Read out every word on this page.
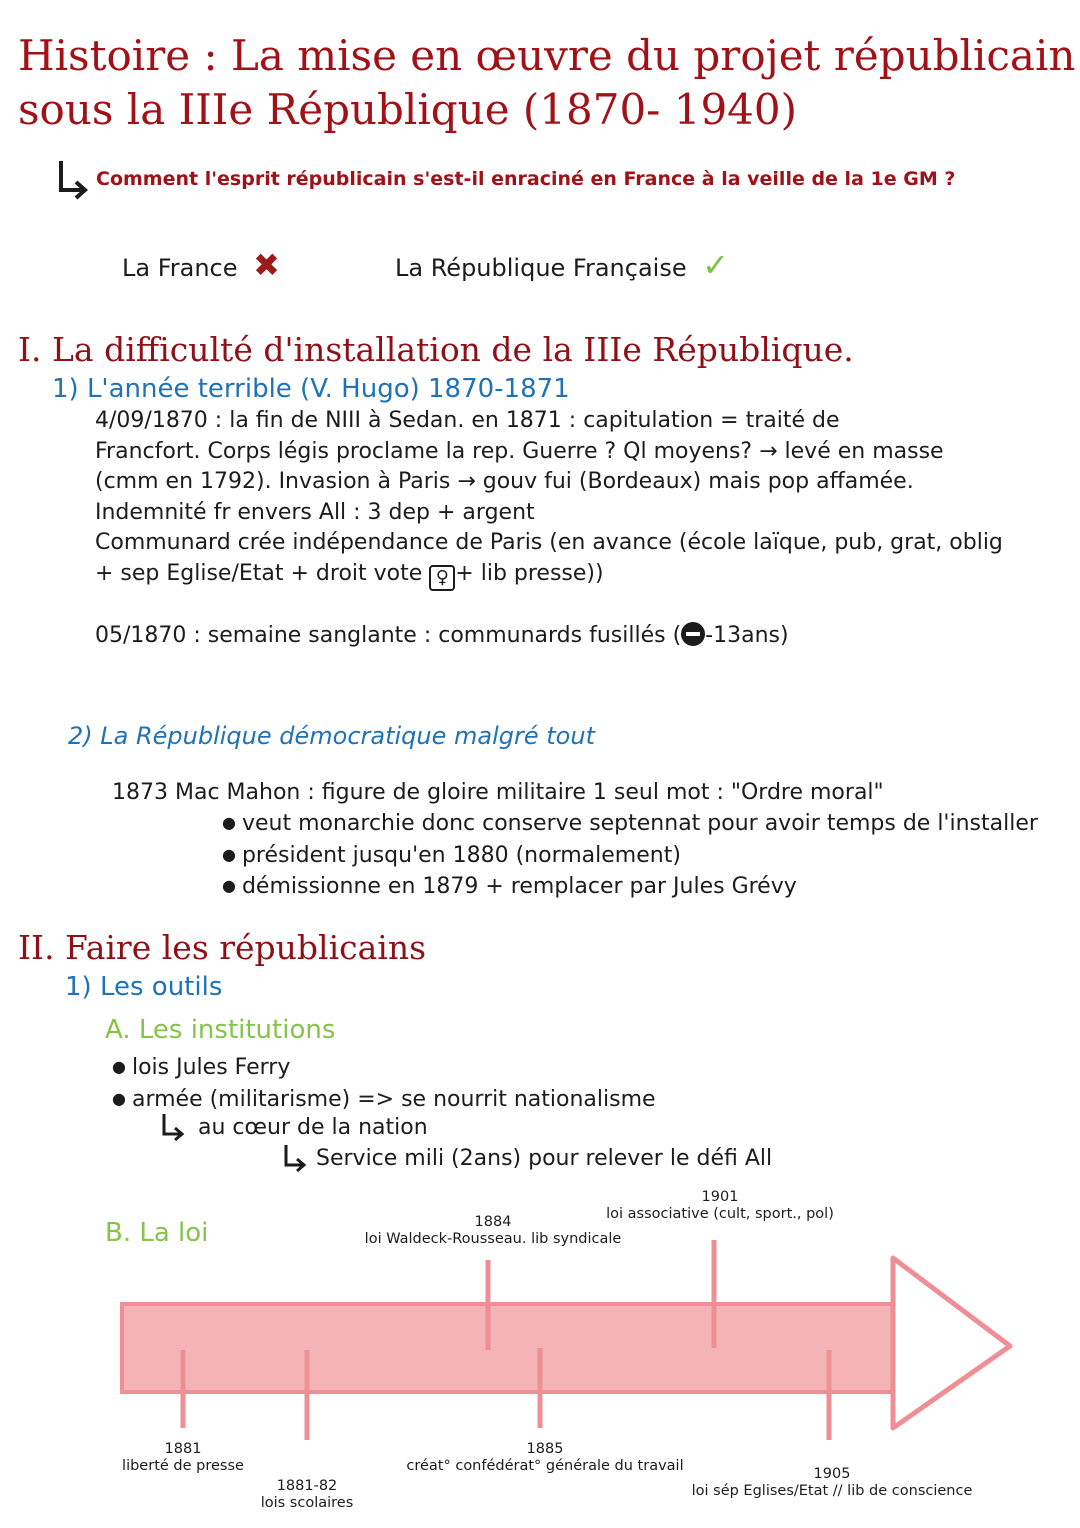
Histoire : La mise en œuvre du projet républicain
sous la IIIe République (1870- 1940)
Comment l'esprit républicain s'est-il enraciné en France à la veille de la 1e GM ?
La France ✖	La République Française ✓
I. La difficulté d'installation de la IIIe République.
1) L'année terrible (V. Hugo) 1870-1871
4/09/1870 : la fin de NIII à Sedan. en 1871 : capitulation = traité de
Francfort. Corps légis proclame la rep. Guerre ? Ql moyens? → levé en masse
(cmm en 1792). Invasion à Paris → gouv fui (Bordeaux) mais pop affamée.
Indemnité fr envers All : 3 dep + argent
Communard crée indépendance de Paris (en avance (école laïque, pub, grat, oblig
+ sep Eglise/Etat + droit vote ♀ + lib presse))
05/1870 : semaine sanglante : communards fusillés ( -13ans)
2) La République démocratique malgré tout
1873 Mac Mahon : figure de gloire militaire 1 seul mot : "Ordre moral"
● veut monarchie donc conserve septennat pour avoir temps de l'installer
● président jusqu'en 1880 (normalement)
● démissionne en 1879 + remplacer par Jules Grévy
II. Faire les républicains
1) Les outils
A. Les institutions
● lois Jules Ferry
● armée (militarisme) => se nourrit nationalisme
au cœur de la nation
Service mili (2ans) pour relever le défi All
B. La loi
1881
liberté de presse
1881-82
lois scolaires
1884
loi Waldeck-Rousseau. lib syndicale
1885
créat° confédérat° générale du travail
1901
loi associative (cult, sport., pol)
1905
loi sép Eglises/Etat // lib de conscience
